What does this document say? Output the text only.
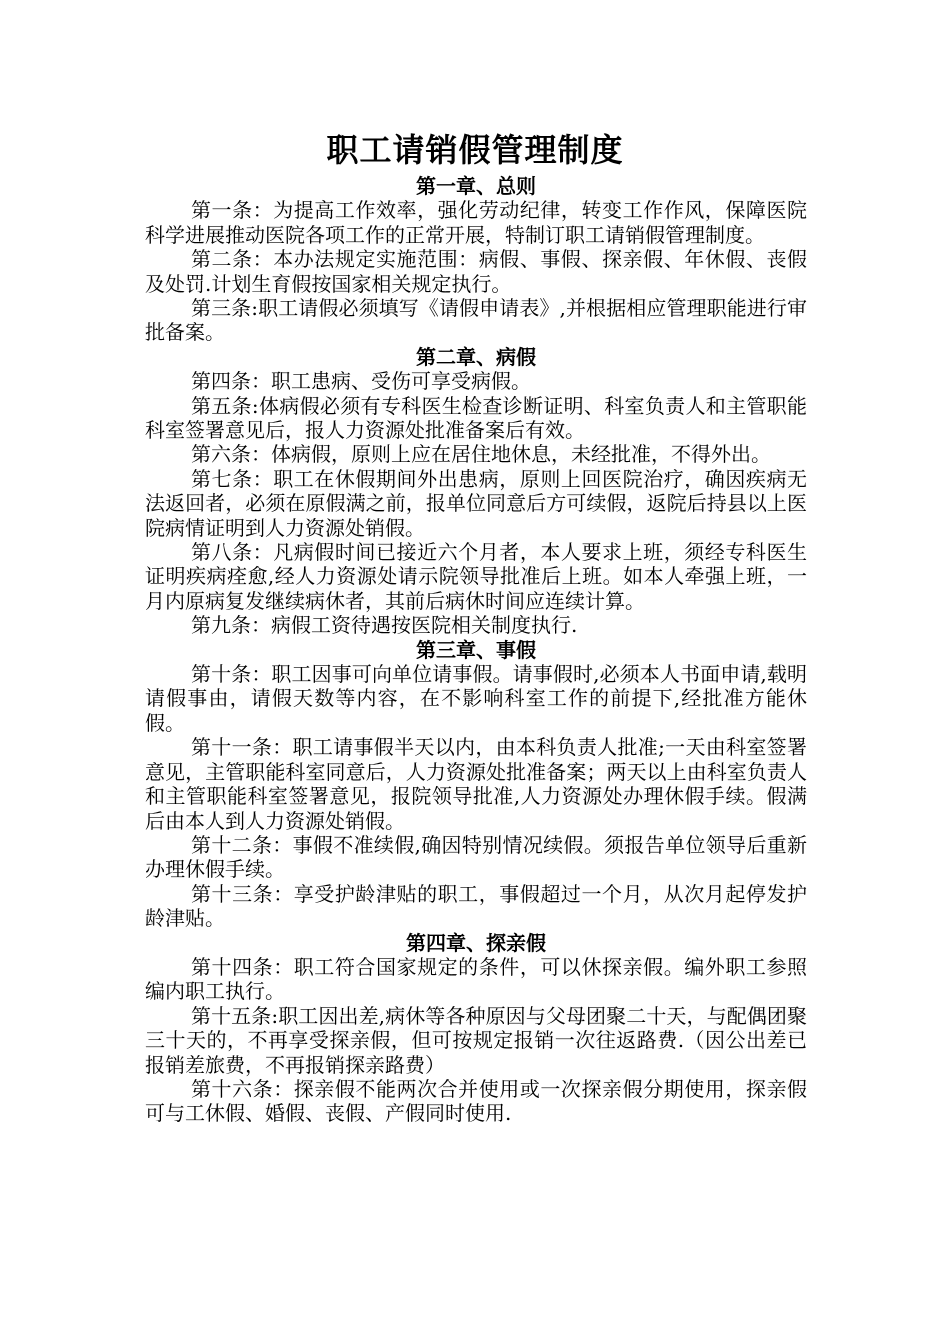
职工请销假管理制度
第一章、总则

第一条：为提高工作效率，强化劳动纪律，转变工作作风，保障医院科学进展推动医院各项工作的正常开展，特制订职工请销假管理制度。

第二条：本办法规定实施范围：病假、事假、探亲假、年休假、丧假及处罚.计划生育假按国家相关规定执行。

第三条:职工请假必须填写《请假申请表》,并根据相应管理职能进行审批备案。

第二章、病假

第四条：职工患病、受伤可享受病假。

第五条:体病假必须有专科医生检查诊断证明、科室负责人和主管职能科室签署意见后，报人力资源处批准备案后有效。

第六条：体病假，原则上应在居住地休息，未经批准，不得外出。

第七条：职工在休假期间外出患病，原则上回医院治疗，确因疾病无法返回者，必须在原假满之前，报单位同意后方可续假，返院后持县以上医院病情证明到人力资源处销假。

第八条：凡病假时间已接近六个月者，本人要求上班，须经专科医生证明疾病痊愈,经人力资源处请示院领导批准后上班。如本人牵强上班，一月内原病复发继续病休者，其前后病休时间应连续计算。

第九条：病假工资待遇按医院相关制度执行.

第三章、事假

第十条：职工因事可向单位请事假。请事假时,必须本人书面申请,载明请假事由，请假天数等内容，在不影响科室工作的前提下,经批准方能休假。

第十一条：职工请事假半天以内，由本科负责人批准;一天由科室签署意见，主管职能科室同意后，人力资源处批准备案；两天以上由科室负责人和主管职能科室签署意见，报院领导批准,人力资源处办理休假手续。假满后由本人到人力资源处销假。

第十二条：事假不准续假,确因特别情况续假。须报告单位领导后重新办理休假手续。

第十三条：享受护龄津贴的职工，事假超过一个月，从次月起停发护龄津贴。

第四章、探亲假

第十四条：职工符合国家规定的条件，可以休探亲假。编外职工参照编内职工执行。

第十五条:职工因出差,病休等各种原因与父母团聚二十天，与配偶团聚三十天的，不再享受探亲假，但可按规定报销一次往返路费.（因公出差已报销差旅费，不再报销探亲路费）

第十六条：探亲假不能两次合并使用或一次探亲假分期使用，探亲假可与工休假、婚假、丧假、产假同时使用.
